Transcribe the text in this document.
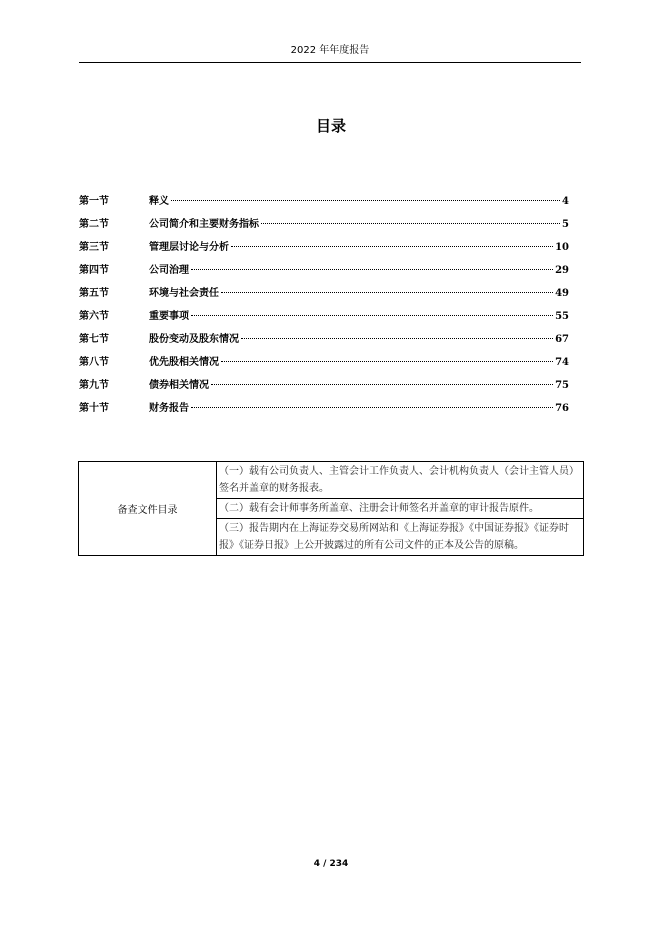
2022 年年度报告
目录
第一节	释义	4
第二节	公司简介和主要财务指标	5
第三节	管理层讨论与分析	10
第四节	公司治理	29
第五节	环境与社会责任	49
第六节	重要事项	55
第七节	股份变动及股东情况	67
第八节	优先股相关情况	74
第九节	债券相关情况	75
第十节	财务报告	76
备查文件目录	（一）载有公司负责人、主管会计工作负责人、会计机构负责人（会计主管人员）签名并盖章的财务报表。
（二）载有会计师事务所盖章、注册会计师签名并盖章的审计报告原件。
（三）报告期内在上海证券交易所网站和《上海证券报》《中国证券报》《证券时报》《证券日报》上公开披露过的所有公司文件的正本及公告的原稿。
4 / 234
